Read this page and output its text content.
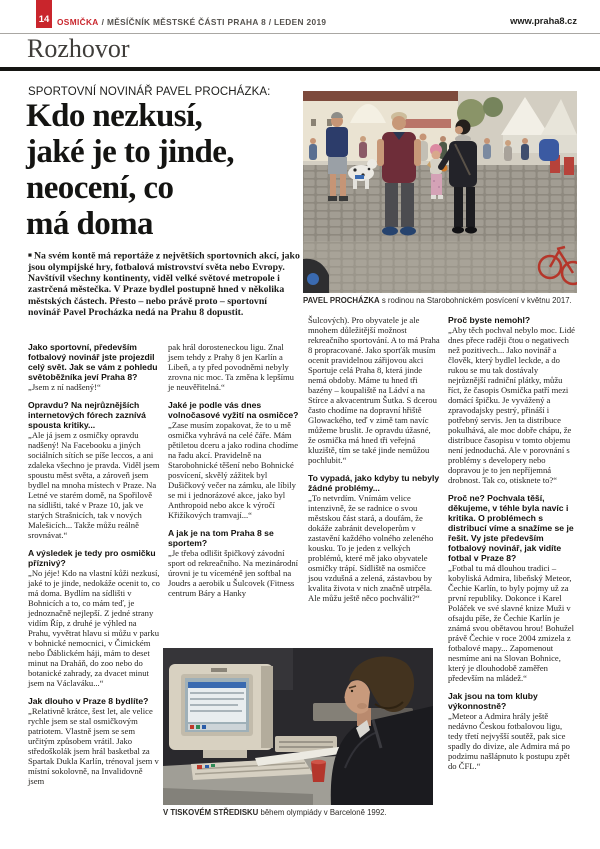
14 OSMIČKA / MĚSÍČNÍK MĚSTSKÉ ČÁSTI PRAHA 8 / LEDEN 2019	www.praha8.cz
Rozhovor
SPORTOVNÍ NOVINÁŘ PAVEL PROCHÁZKA:
Kdo nezkusí,
jaké je to jinde,
neocení, co
má doma

■ Na svém kontě má reportáže z největších sportovních akcí, jako jsou olympijské hry, fotbalová mistrovství světa nebo Evropy. Navštívil všechny kontinenty, viděl velké světové metropole i zastrčená městečka. V Praze bydlel postupně hned v několika městských částech. Přesto – nebo právě proto – sportovní novinář Pavel Procházka nedá na Prahu 8 dopustit.

PAVEL PROCHÁZKA s rodinou na Starobohnickém posvícení v květnu 2017.
Jako sportovní, především fotbalový novinář jste projezdil celý svět. Jak se vám z pohledu světoběžníka jeví Praha 8?
„Jsem z ní nadšený!“
Opravdu? Na nejrůznějších internetových fórech zaznívá spousta kritiky...
„Ale já jsem z osmičky opravdu nadšený! Na Facebooku a jiných sociálních sítích se píše leccos, a ani zdaleka všechno je pravda. Viděl jsem spoustu měst světa, a zároveň jsem bydlel na mnoha místech v Praze. Na Letné ve starém domě, na Spořilově na sídlišti, také v Praze 10, jak ve starých Strašnicích, tak v nových Malešicích... Takže můžu reálně srovnávat.“
A výsledek je tedy pro osmičku příznivý?
„No jéje! Kdo na vlastní kůži nezkusí, jaké to je jinde, nedokáže ocenit to, co má doma. Bydlím na sídlišti v Bohnicích a to, co mám teď, je jednoznačně nejlepší. Z jedné strany vidím Říp, z druhé je výhled na Prahu, vyvětrat hlavu si můžu v parku v bohnické nemocnici, v Čimickém nebo Ďáblickém háji, mám to deset minut na Draháň, do zoo nebo do botanické zahrady, za dvacet minut jsem na Václaváku...“
Jak dlouho v Praze 8 bydlíte?
„Relativně krátce, šest let, ale velice rychle jsem se stal osmičkovým patriotem. Vlastně jsem se sem určitým způsobem vrátil. Jako středoškolák jsem hrál basketbal za Spartak Dukla Karlín, trénoval jsem v místní sokolovně, na Invalidovně jsem
pak hrál dorosteneckou ligu. Znal jsem tehdy z Prahy 8 jen Karlín a Libeň, a ty před povodněmi nebyly zrovna nic moc. Ta změna k lepšímu je neuvěřitelná.“
Jaké je podle vás dnes volnočasové vyžití na osmičce?
„Zase musím zopakovat, že to u mě osmička vyhrává na celé čáře. Mám pětiletou dceru a jako rodina chodíme na řadu akcí. Pravidelně na Starobohnické těšení nebo Bohnické posvícení, skvělý zážitek byl Dušičkový večer na zámku, ale líbily se mi i jednorázové akce, jako byl Anthropoid nebo akce k výročí Křižíkových tramvají...“
A jak je na tom Praha 8 se sportem?
„Je třeba odlišit špičkový závodní sport od rekreačního. Na mezinárodní úrovni je tu víceméně jen softbal na Joudrs a aerobik u Šulcovek (Fitness centrum Báry a Hanky
Šulcových). Pro obyvatele je ale mnohem důležitější možnost rekreačního sportování. A to má Praha 8 propracované. Jako sporťák musím ocenit pravidelnou zářijovou akci Sportuje celá Praha 8, která jinde nemá obdoby. Máme tu hned tři bazény – koupaliště na Ládví a na Stírce a akvacentrum Šutka. S dcerou často chodíme na dopravní hřiště Glowackého, teď v zimě tam navíc můžeme bruslit. Je opravdu úžasné, že osmička má hned tři veřejná kluziště, tím se také jinde nemůžou pochlubit.“
To vypadá, jako kdyby tu nebyly žádné problémy...
„To netvrdím. Vnímám velice intenzivně, že se radnice o svou městskou část stará, a doufám, že dokáže zabránit developerům v zastavění každého volného zeleného kousku. To je jeden z velkých problémů, které mě jako obyvatele osmičky trápí. Sídliště na osmičce jsou vzdušná a zelená, zástavbou by kvalita života v nich značně utrpěla. Ale můžu ještě něco pochválit?“
Proč byste nemohl?
„Aby těch pochval nebylo moc. Lidé dnes přece raději čtou o negativech než pozitivech... Jako novinář a člověk, který bydlel leckde, a do rukou se mu tak dostávaly nejrůznější radniční plátky, můžu říct, že časopis Osmička patří mezi domácí špičku. Je vyvážený a zpravodajsky pestrý, přináší i potřebný servis. Jen ta distribuce pokulhává, ale moc dobře chápu, že distribuce časopisu v tomto objemu není jednoduchá. Ale v porovnání s problémy s developery nebo dopravou je to jen nepříjemná drobnost. Tak co, otisknete to?“
Proč ne? Pochvala těší, děkujeme, v téhle byla navíc i kritika. O problémech s distribucí víme a snažíme se je řešit. Vy jste především fotbalový novinář, jak vidíte fotbal v Praze 8?
„Fotbal tu má dlouhou tradici – kobyliská Admira, libeňský Meteor, Čechie Karlín, to byly pojmy už za první republiky. Dokonce i Karel Poláček ve své slavné knize Muži v ofsajdu píše, že Čechie Karlín je známá svou obětavou hrou! Bohužel právě Čechie v roce 2004 zmizela z fotbalové mapy... Zapomenout nesmíme ani na Slovan Bohnice, který je dlouhodobě zaměřen především na mládež.“
Jak jsou na tom kluby výkonnostně?
„Meteor a Admira hrály ještě nedávno Českou fotbalovou ligu, tedy třetí nejvyšší soutěž, pak sice spadly do divize, ale Admira má po podzimu našlápnuto k postupu zpět do ČFL.“
V TISKOVÉM STŘEDISKU během olympiády v Barceloně 1992.
